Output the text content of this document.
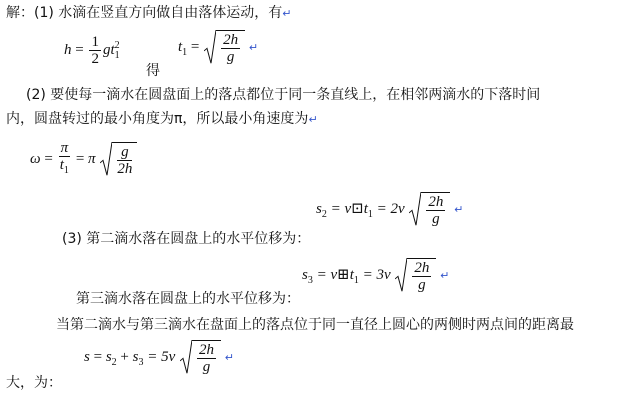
解：(1) 水滴在竖直方向做自由落体运动，有↵
$h = \frac{1}{2} gt_1^2$
得
$t_1 = \frac{2h}{g}$ ↵
(2) 要使每一滴水在圆盘面上的落点都位于同一条直线上，在相邻两滴水的下落时间
内，圆盘转过的最小角度为π，所以最小角速度为↵
$\omega = \frac{\pi}{t_1} = \pi \frac{g}{2h}$
$s_2$ = $v⊡t_1 = 2v \frac{2h}{g}$ ↵
(3) 第二滴水落在圆盘上的水平位移为：
$s_3$ = $v⊞t_1 = 3v \frac{2h}{g}$ ↵
第三滴水落在圆盘上的水平位移为：
当第二滴水与第三滴水在盘面上的落点位于同一直径上圆心的两侧时两点间的距离最
$s = s_2 + s_3 = 5v \frac{2h}{g}$ ↵
大，为：
